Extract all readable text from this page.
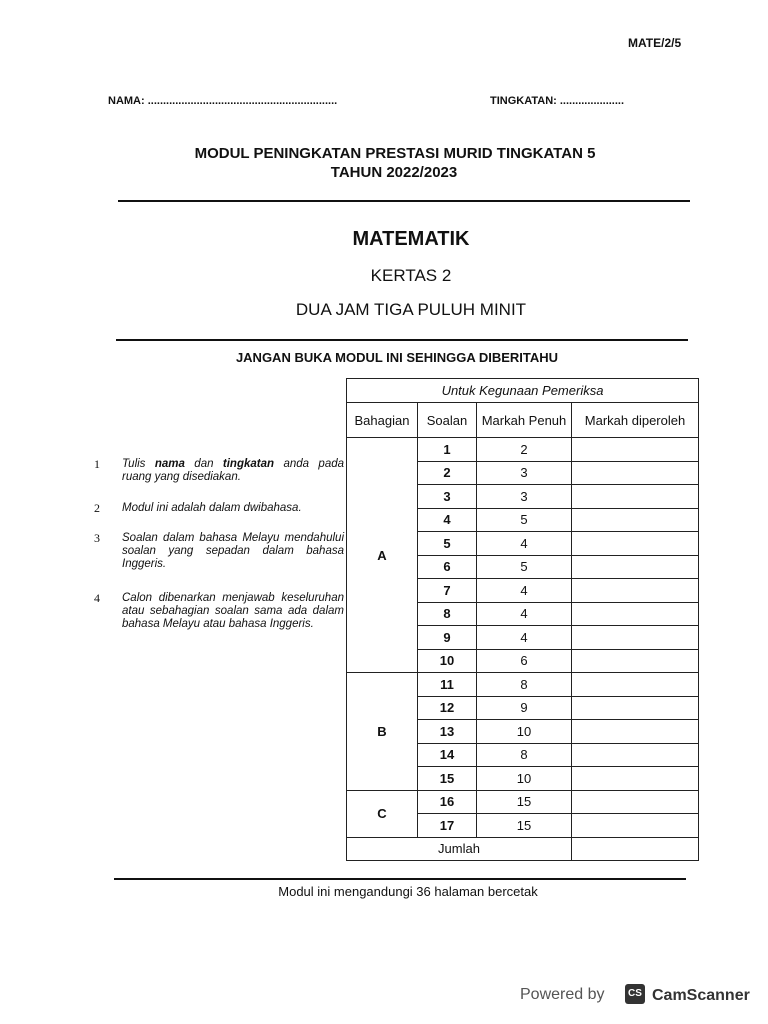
MATE/2/5
NAMA: ..............................................................	TINGKATAN: .....................
MODUL PENINGKATAN PRESTASI MURID TINGKATAN 5
TAHUN 2022/2023
MATEMATIK
KERTAS 2
DUA JAM TIGA PULUH MINIT
JANGAN BUKA MODUL INI SEHINGGA DIBERITAHU
1	Tulis nama dan tingkatan anda pada ruang yang disediakan.
2	Modul ini adalah dalam dwibahasa.
3	Soalan dalam bahasa Melayu mendahului soalan yang sepadan dalam bahasa Inggeris.
4	Calon dibenarkan menjawab keseluruhan atau sebahagian soalan sama ada dalam bahasa Melayu atau bahasa Inggeris.
Untuk Kegunaan Pemeriksa			
Bahagian	Soalan	Markah Penuh	Markah diperoleh
A	1	2	
	2	3	
	3	3	
	4	5	
	5	4	
	6	5	
	7	4	
	8	4	
	9	4	
	10	6	
B	11	8	
	12	9	
	13	10	
	14	8	
	15	10	
C	16	15	
	17	15	
Jumlah			
Modul ini mengandungi 36 halaman bercetak
Powered by	CS CamScanner
